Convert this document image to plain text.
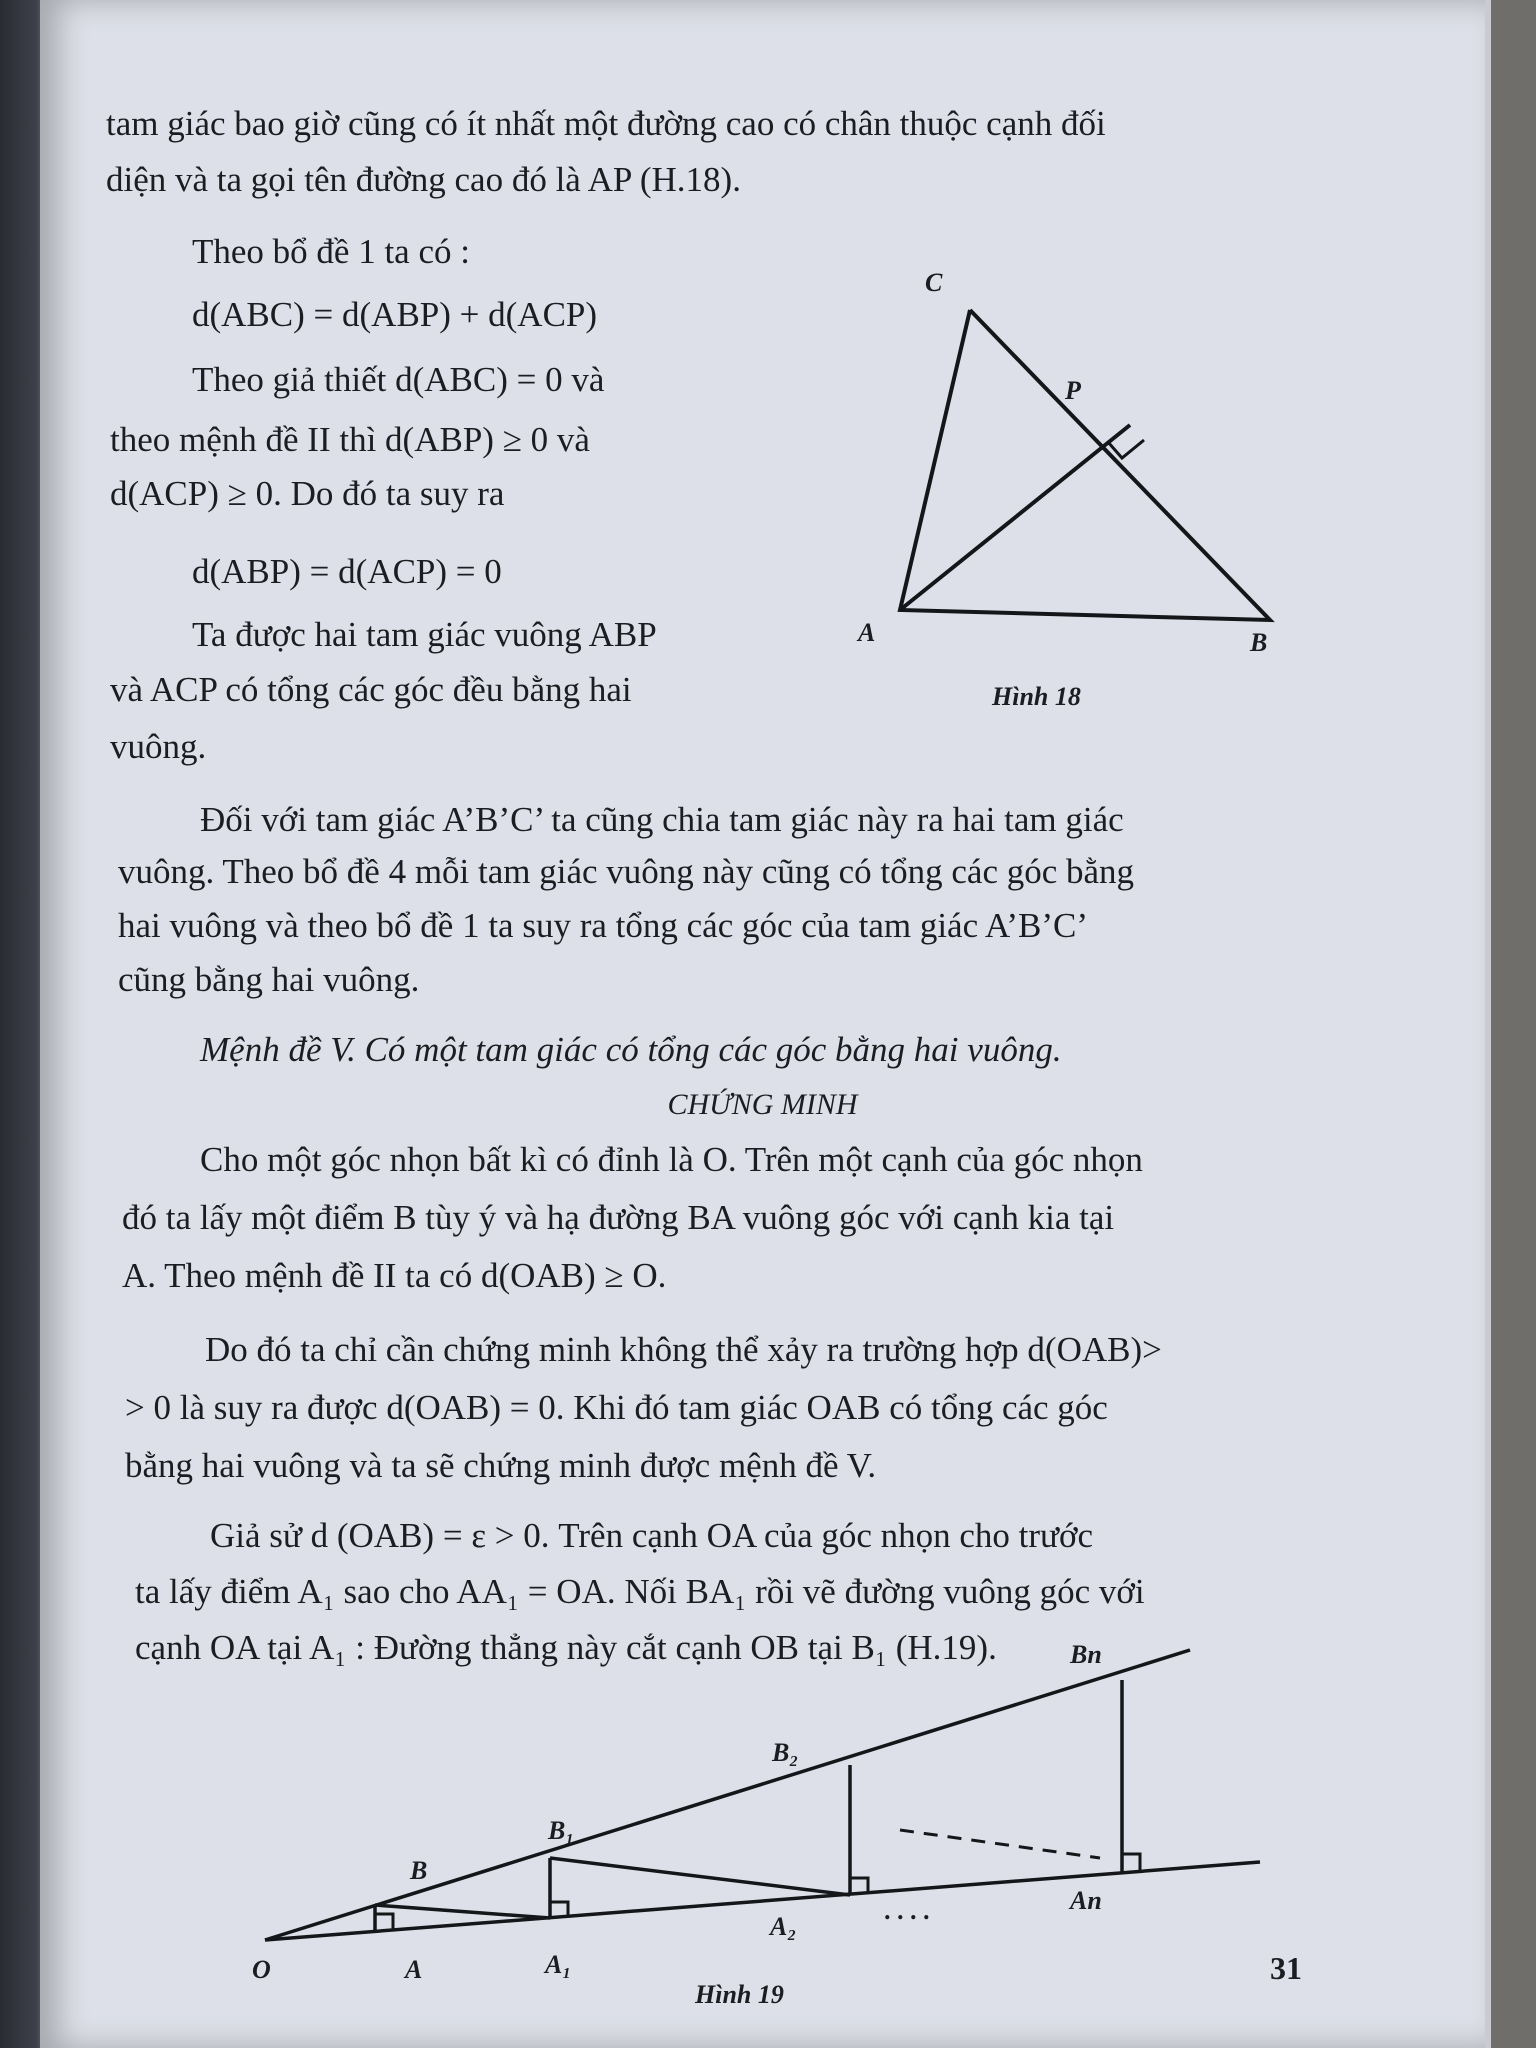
tam giác bao giờ cũng có ít nhất một đường cao có chân thuộc cạnh đối
diện và ta gọi tên đường cao đó là AP (H.18).
Theo bổ đề 1 ta có :
d(ABC) = d(ABP) + d(ACP)
Theo giả thiết d(ABC) = 0 và
theo mệnh đề II thì d(ABP) ≥ 0 và
d(ACP) ≥ 0. Do đó ta suy ra
d(ABP) = d(ACP) = 0
Ta được hai tam giác vuông ABP
và ACP có tổng các góc đều bằng hai
vuông.
C
P
A	B
Hình 18
Đối với tam giác A’B’C’ ta cũng chia tam giác này ra hai tam giác
vuông. Theo bổ đề 4 mỗi tam giác vuông này cũng có tổng các góc bằng
hai vuông và theo bổ đề 1 ta suy ra tổng các góc của tam giác A’B’C’
cũng bằng hai vuông.
Mệnh đề V. Có một tam giác có tổng các góc bằng hai vuông.
CHỨNG MINH
Cho một góc nhọn bất kì có đỉnh là O. Trên một cạnh của góc nhọn
đó ta lấy một điểm B tùy ý và hạ đường BA vuông góc với cạnh kia tại
A. Theo mệnh đề II ta có d(OAB) ≥ O.
Do đó ta chỉ cần chứng minh không thể xảy ra trường hợp d(OAB)>
> 0 là suy ra được d(OAB) = 0. Khi đó tam giác OAB có tổng các góc
bằng hai vuông và ta sẽ chứng minh được mệnh đề V.
Giả sử d (OAB) = ε > 0. Trên cạnh OA của góc nhọn cho trước
ta lấy điểm A₁ sao cho AA₁ = OA. Nối BA₁ rồi vẽ đường vuông góc với
cạnh OA tại A₁ : Đường thẳng này cắt cạnh OB tại B₁ (H.19).	Bn
B₂
B₁
B
An
A₂
. . . .
O	A	A₁
Hình 19
31
